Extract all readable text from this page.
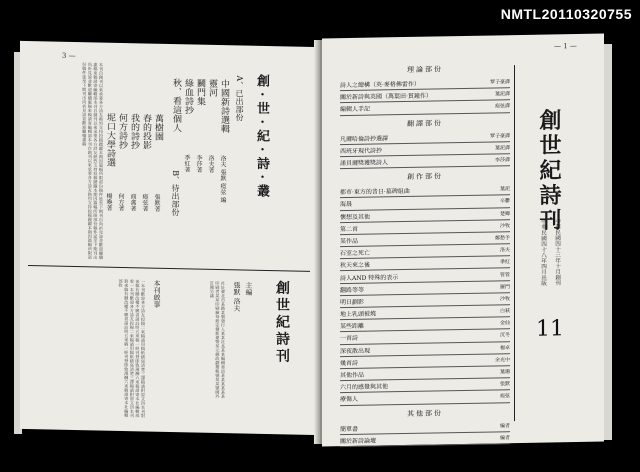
NMTL20110320755
3 —
本刊自創刊以來承蒙各方詩友熱烈支持投稿踴躍本期因篇幅所限部份稿件延至下期刊出尚祈見諒並歡迎繼續惠稿來稿請寄編輯部本刊自創刊以來承蒙各方詩友熱烈支持投稿踴躍本期因篇幅所限部份稿件延至下期刊出尚祈見諒並歡迎繼續惠稿來稿請寄編輯部本刊自創刊以來承蒙各方詩友熱烈支持投稿踴躍本期因篇幅所限部份稿件延至下期刊出尚祈見諒並歡迎繼續惠稿	創·世·紀·詩·叢
A、已出部份
B、待出部份
中國新詩選輯
洛夫 張默 瘂弦 編
靈河
洛夫著
鬭門集
李莎著
綠血詩抄
季紅著
秋、看這個人
萬樹園
張默著
春的投影
瘂弦著
我的詩抄
商禽著
何方詩抄
何方著
坭口大學詩選
楊喚著
創世紀詩刊
主編
張默 洛夫
社址臺北市某路某號發行人某某社長某某編輯委員某某某某某某印刷者某某印刷廠每冊定價新臺幣某元郵政劃撥帳號某某號國外訂閱另議
本刊啟事
一本刊歡迎各方詩友投稿二來稿請用稿紙繕寫清楚三譯稿請附原文四本刊對來稿有刪改權不願者請註明五來稿一經刊登即致薄酬六來稿請寄本社編輯部收一本刊歡迎各方詩友投稿二來稿請用稿紙繕寫清楚三譯稿請附原文四本刊對來稿有刪改權不願者請註明五來稿一經刊登即致薄酬六來稿請寄本社編輯部收
— 1 —
理論部份
詩人之總構（英·麥格佛雷作）	覃子豪譯
關於新詩與英國（萬葉田·貫鐘作）	葉泥譯
編輯人手記	瘂弦譯
翻譯部份
凡爾哈倫詩抄選譯	覃子豪譯
西班牙現代詩抄	葉泥譯
諾貝爾獎獲獎詩人	李莎譯
創作部份
都市·東方的昔日·墓碑組曲	葉泥
海晨	辛鬱
懷想及其他	楚卿
第二首	沙牧
某作品	鄭愁予
石室之死亡	洛夫
秋天來之後	季紅
詩人AND 特殊的表示	管管
翻路等等	羅門
明日劃影	沙牧
地上乳頭被燒	白萩
某些距離	金仙
一首詩	沉冬
深夜散出現	楊卓
幾首詩	余光中
其他作品	葉珊
六月的感覺與其他	張默
療傷人	瘂弦
其他部份
簡單書	編者
關於新詩論壇	編者
創世紀詩刊
中華民國四十三年十月創刊
中華民國四十八年四月出版
11
